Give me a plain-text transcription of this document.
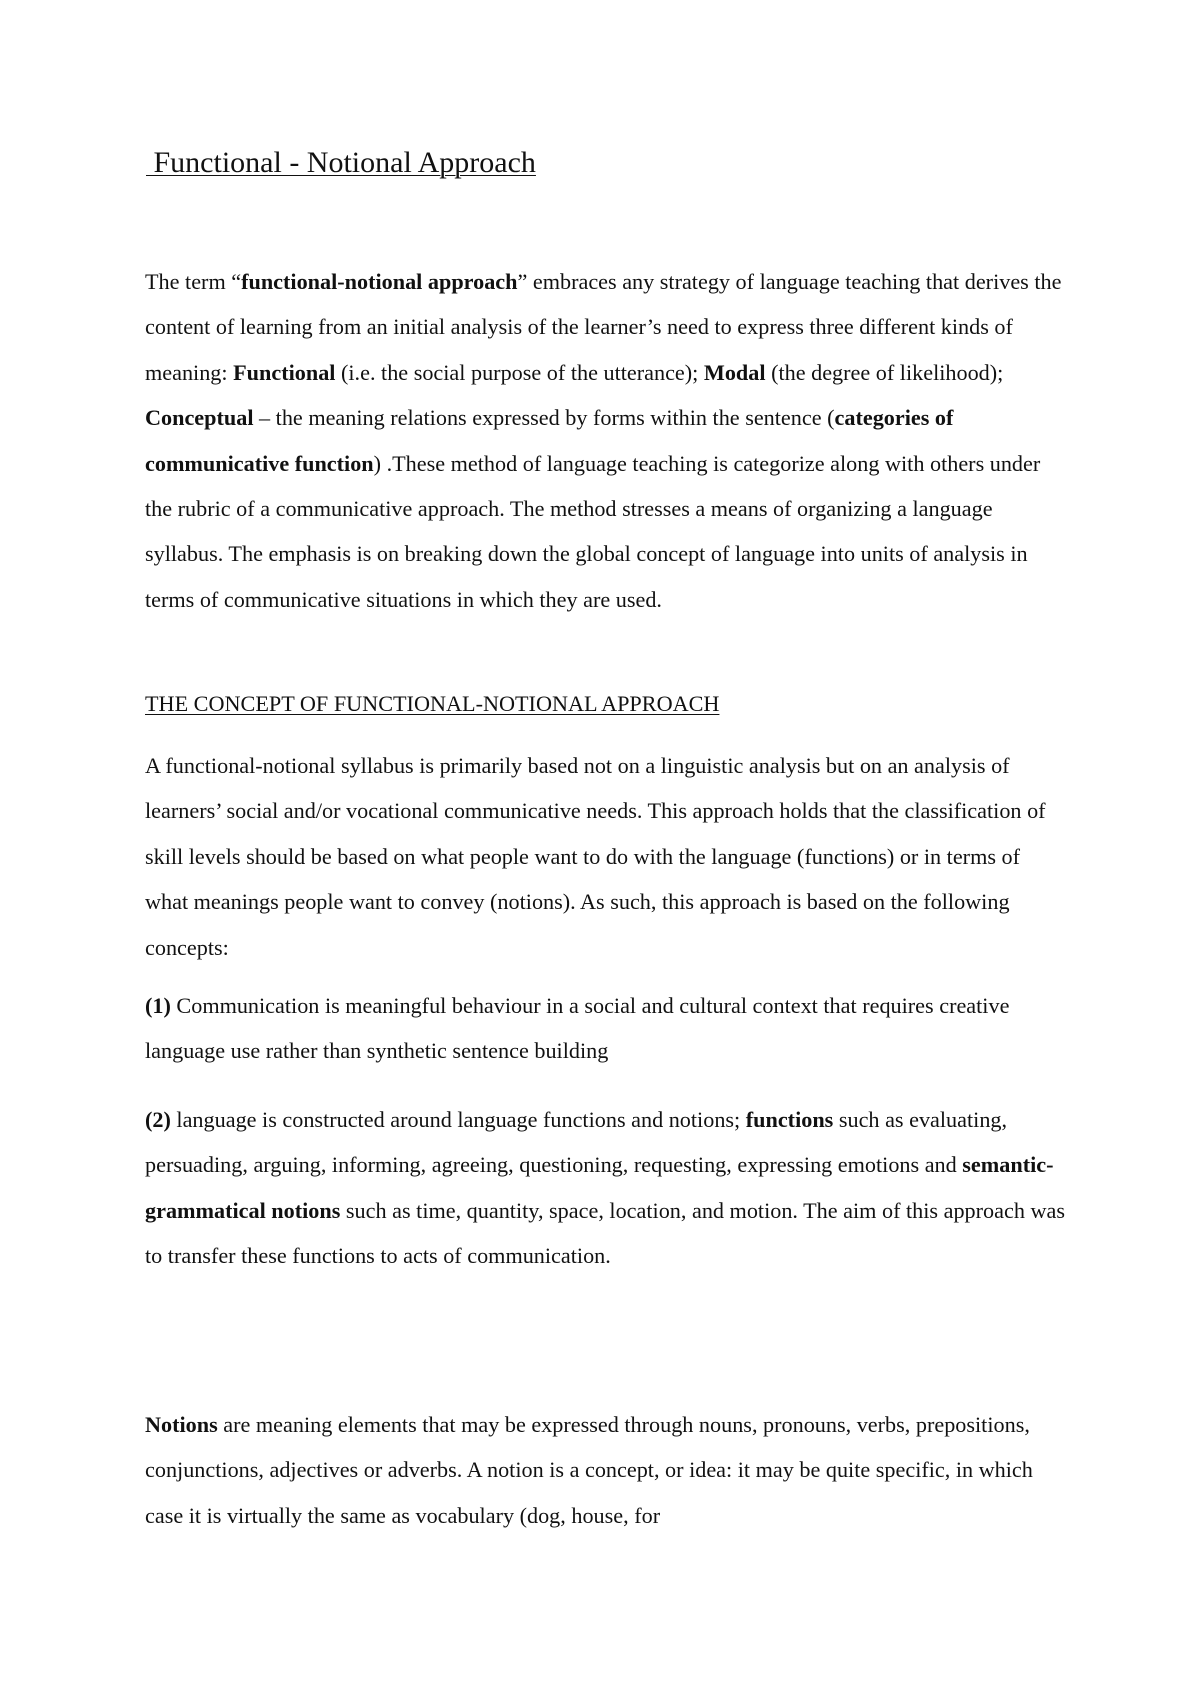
Functional - Notional Approach

The term “functional-notional approach” embraces any strategy of language teaching that derives the content of learning from an initial analysis of the learner’s need to express three different kinds of meaning: Functional (i.e. the social purpose of the utterance); Modal (the degree of likelihood); Conceptual – the meaning relations expressed by forms within the sentence (categories of communicative function) .These method of language teaching is categorize along with others under the rubric of a communicative approach. The method stresses a means of organizing a language syllabus. The emphasis is on breaking down the global concept of language into units of analysis in terms of communicative situations in which they are used.

THE CONCEPT OF FUNCTIONAL-NOTIONAL APPROACH

A functional-notional syllabus is primarily based not on a linguistic analysis but on an analysis of learners’ social and/or vocational communicative needs. This approach holds that the classification of skill levels should be based on what people want to do with the language (functions) or in terms of what meanings people want to convey (notions). As such, this approach is based on the following concepts:

(1) Communication is meaningful behaviour in a social and cultural context that requires creative language use rather than synthetic sentence building

(2) language is constructed around language functions and notions; functions such as evaluating, persuading, arguing, informing, agreeing, questioning, requesting, expressing emotions and semantic-grammatical notions such as time, quantity, space, location, and motion. The aim of this approach was to transfer these functions to acts of communication.

Notions are meaning elements that may be expressed through nouns, pronouns, verbs, prepositions, conjunctions, adjectives or adverbs. A notion is a concept, or idea: it may be quite specific, in which case it is virtually the same as vocabulary (dog, house, for
